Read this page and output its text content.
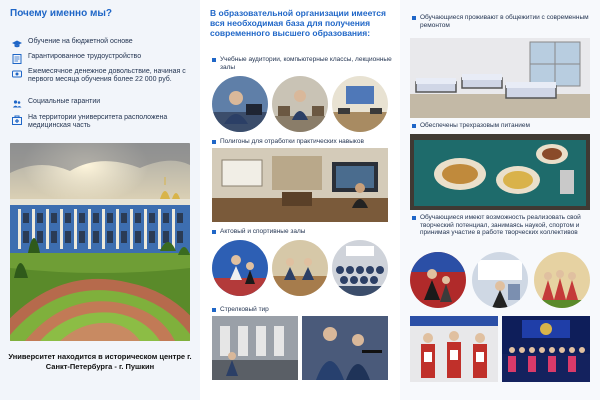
Почему именно мы?
Обучение на бюджетной основе
Гарантированное трудоустройство
Ежемесячное денежное довольствие, начиная с первого месяца обучения более 22 000 руб.
Социальные гарантии
На территории университета расположена медицинская часть
Университет находится в историческом центре г. Санкт-Петербурга - г. Пушкин
В образовательной организации имеется вся необходимая база для получения современного высшего образования:
Учебные аудитории, компьютерные классы, лекционные залы
Полигоны для отработки практических навыков
Актовый и спортивные залы
Стрелковый тир
Обучающиеся проживают в общежитии с современным ремонтом
Обеспечены трехразовым питанием
Обучающиеся имеют возможность реализовать свой творческий потенциал, занимаясь наукой, спортом и принимая участие в работе творческих коллективов
